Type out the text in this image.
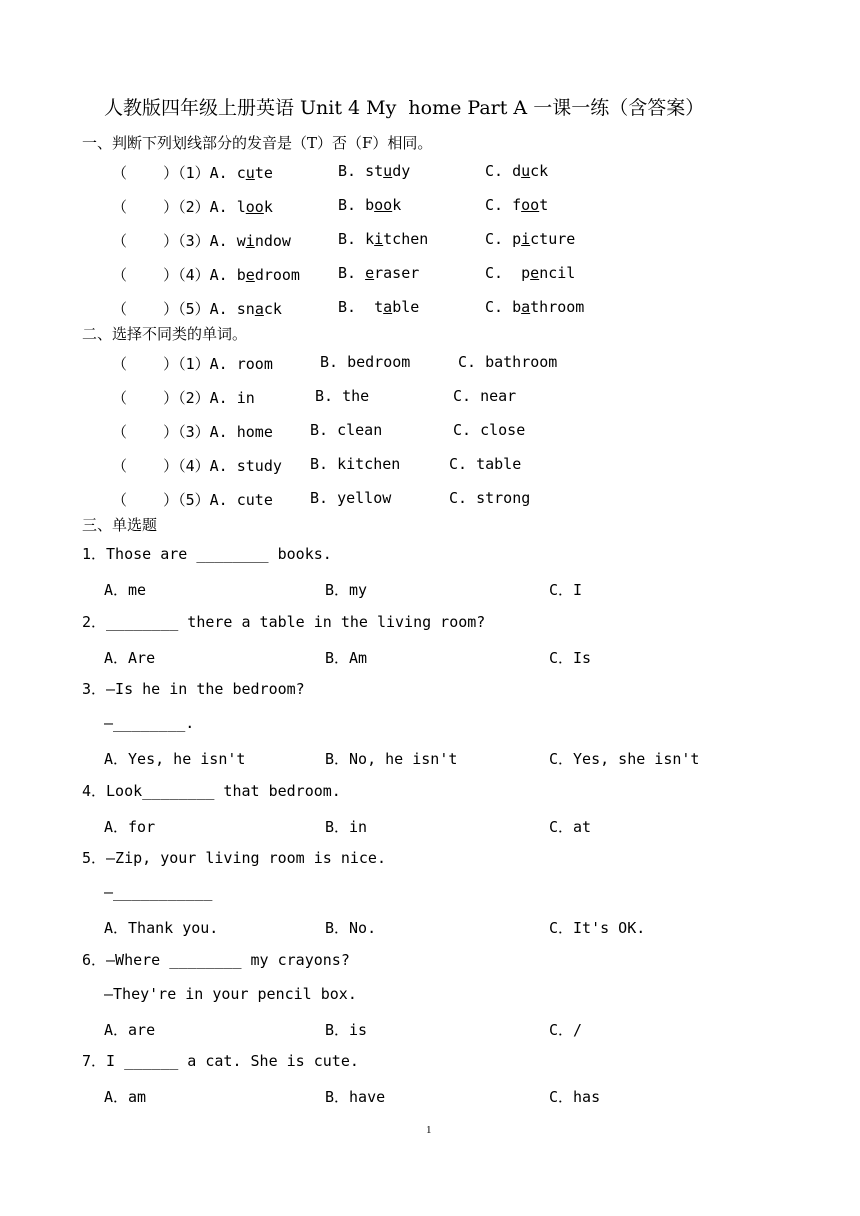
人教版四年级上册英语 Unit 4 My  home Part A 一课一练（含答案）
一、判断下列划线部分的发音是（T）否（F）相同。
（    ）（1）A. cute	B. study	C. duck
（    ）（2）A. look	B. book	C. foot
（    ）（3）A. window	B. kitchen	C. picture
（    ）（4）A. bedroom	B. eraser	C.  pencil
（    ）（5）A. snack	B.  table	C. bathroom
二、选择不同类的单词。
（    ）（1）A. room	B. bedroom	C. bathroom
（    ）（2）A. in	B. the	C. near
（    ）（3）A. home B. clean	C. close
（    ）（4）A. study B. kitchen	C. table
（    ）（5）A. cute B. yellow	C. strong
三、单选题
1．Those are ________ books.
A．me	B．my	C．I
2．________ there a table in the living room?
A．Are	B．Am	C．Is
3．—Is he in the bedroom?
—________.
A．Yes, he isn't	B．No, he isn't	C．Yes, she isn't
4．Look________ that bedroom.
A．for	B．in	C．at
5．—Zip, your living room is nice.
—___________
A．Thank you.	B．No.	C．It's OK.
6．—Where ________ my crayons?
—They're in your pencil box.
A．are	B．is	C．/
7．I ______ a cat. She is cute.
A．am	B．have	C．has
1
